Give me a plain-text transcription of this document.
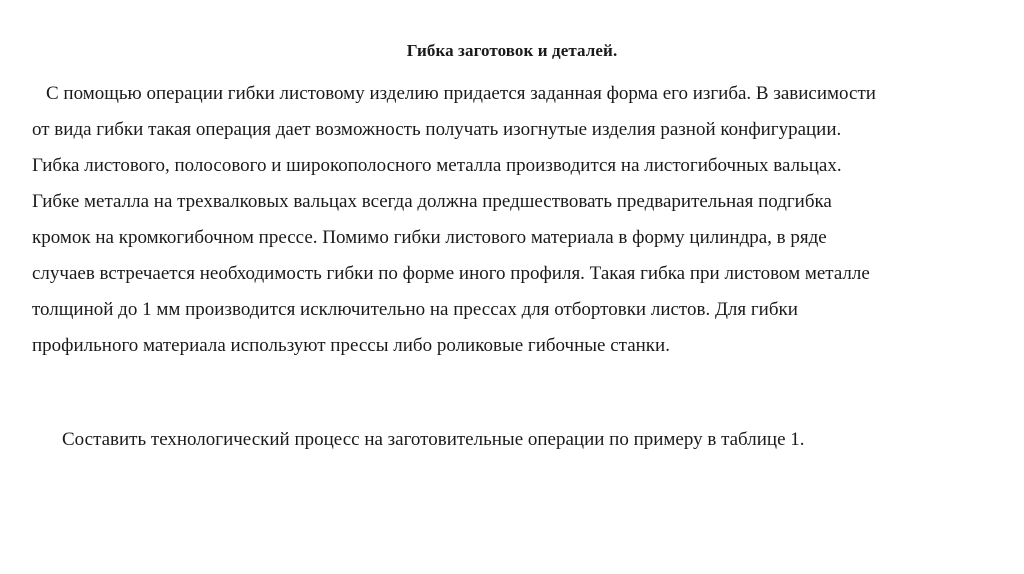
Гибка заготовок и деталей.
С помощью операции гибки листовому изделию придается заданная форма его изгиба. В зависимости
от вида гибки такая операция дает возможность получать изогнутые изделия разной конфигурации.
Гибка листового, полосового и широкополосного металла производится на листогибочных вальцах.
Гибке металла на трехвалковых вальцах всегда должна предшествовать предварительная подгибка
кромок на кромкогибочном прессе. Помимо гибки листового материала в форму цилиндра, в ряде
случаев встречается необходимость гибки по форме иного профиля. Такая гибка при листовом металле
толщиной до 1 мм производится исключительно на прессах для отбортовки листов. Для гибки
профильного материала используют прессы либо роликовые гибочные станки.
Составить технологический процесс на заготовительные операции по примеру в таблице 1.
